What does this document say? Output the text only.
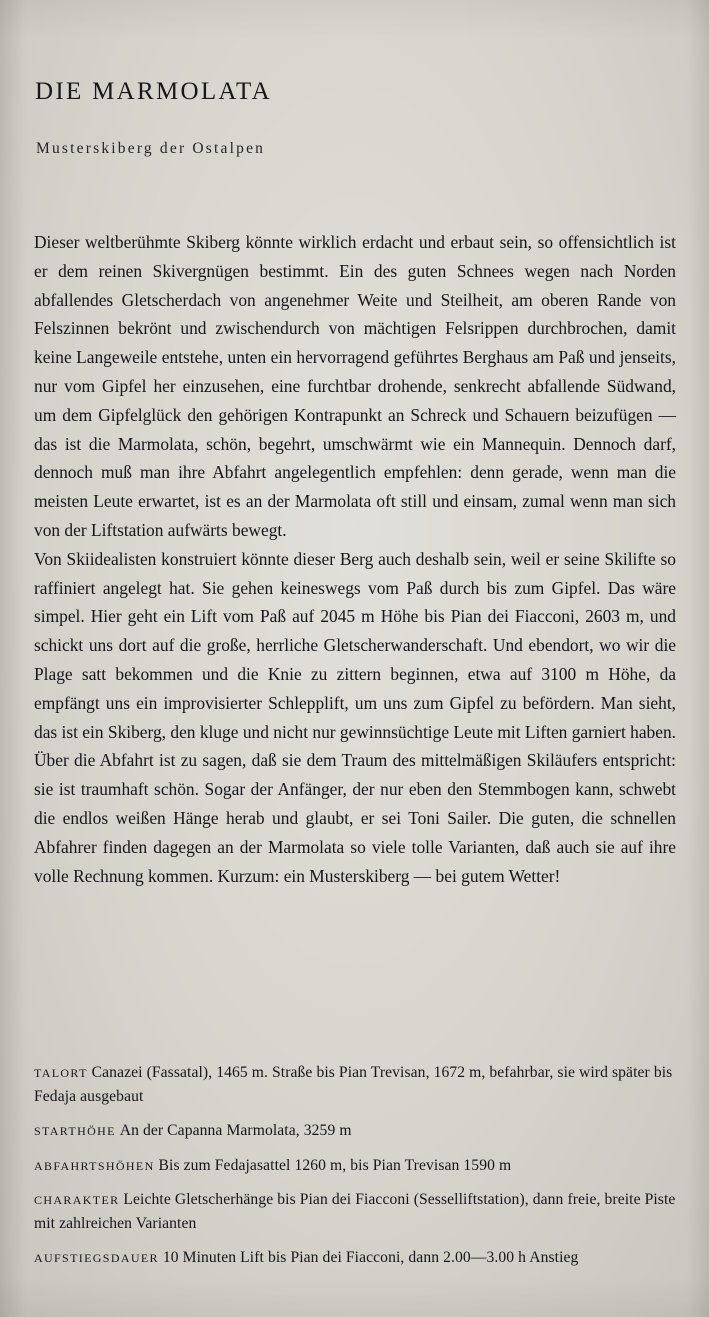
DIE MARMOLATA
Musterskiberg der Ostalpen

Dieser weltberühmte Skiberg könnte wirklich erdacht und erbaut sein, so offensichtlich ist er dem reinen Skivergnügen bestimmt. Ein des guten Schnees wegen nach Norden abfallendes Gletscherdach von angenehmer Weite und Steilheit, am oberen Rande von Felszinnen bekrönt und zwischendurch von mächtigen Felsrippen durchbrochen, damit keine Langeweile entstehe, unten ein hervorragend geführtes Berghaus am Paß und jenseits, nur vom Gipfel her einzusehen, eine furchtbar drohende, senkrecht abfallende Südwand, um dem Gipfelglück den gehörigen Kontrapunkt an Schreck und Schauern beizufügen — das ist die Marmolata, schön, begehrt, umschwärmt wie ein Mannequin. Dennoch darf, dennoch muß man ihre Abfahrt angelegentlich empfehlen: denn gerade, wenn man die meisten Leute erwartet, ist es an der Marmolata oft still und einsam, zumal wenn man sich von der Liftstation aufwärts bewegt.

Von Skiidealisten konstruiert könnte dieser Berg auch deshalb sein, weil er seine Skilifte so raffiniert angelegt hat. Sie gehen keineswegs vom Paß durch bis zum Gipfel. Das wäre simpel. Hier geht ein Lift vom Paß auf 2045 m Höhe bis Pian dei Fiacconi, 2603 m, und schickt uns dort auf die große, herrliche Gletscherwanderschaft. Und ebendort, wo wir die Plage satt bekommen und die Knie zu zittern beginnen, etwa auf 3100 m Höhe, da empfängt uns ein improvisierter Schlepplift, um uns zum Gipfel zu befördern. Man sieht, das ist ein Skiberg, den kluge und nicht nur gewinnsüchtige Leute mit Liften garniert haben. Über die Abfahrt ist zu sagen, daß sie dem Traum des mittelmäßigen Skiläufers entspricht: sie ist traumhaft schön. Sogar der Anfänger, der nur eben den Stemmbogen kann, schwebt die endlos weißen Hänge herab und glaubt, er sei Toni Sailer. Die guten, die schnellen Abfahrer finden dagegen an der Marmolata so viele tolle Varianten, daß auch sie auf ihre volle Rechnung kommen. Kurzum: ein Musterskiberg — bei gutem Wetter!

talort Canazei (Fassatal), 1465 m. Straße bis Pian Trevisan, 1672 m, befahrbar, sie wird später bis Fedaja ausgebaut
starthöhe An der Capanna Marmolata, 3259 m
abfahrtshöhen Bis zum Fedajasattel 1260 m, bis Pian Trevisan 1590 m
charakter Leichte Gletscherhänge bis Pian dei Fiacconi (Sesselliftstation), dann freie, breite Piste mit zahlreichen Varianten
aufstiegsdauer 10 Minuten Lift bis Pian dei Fiacconi, dann 2.00—3.00 h Anstieg
